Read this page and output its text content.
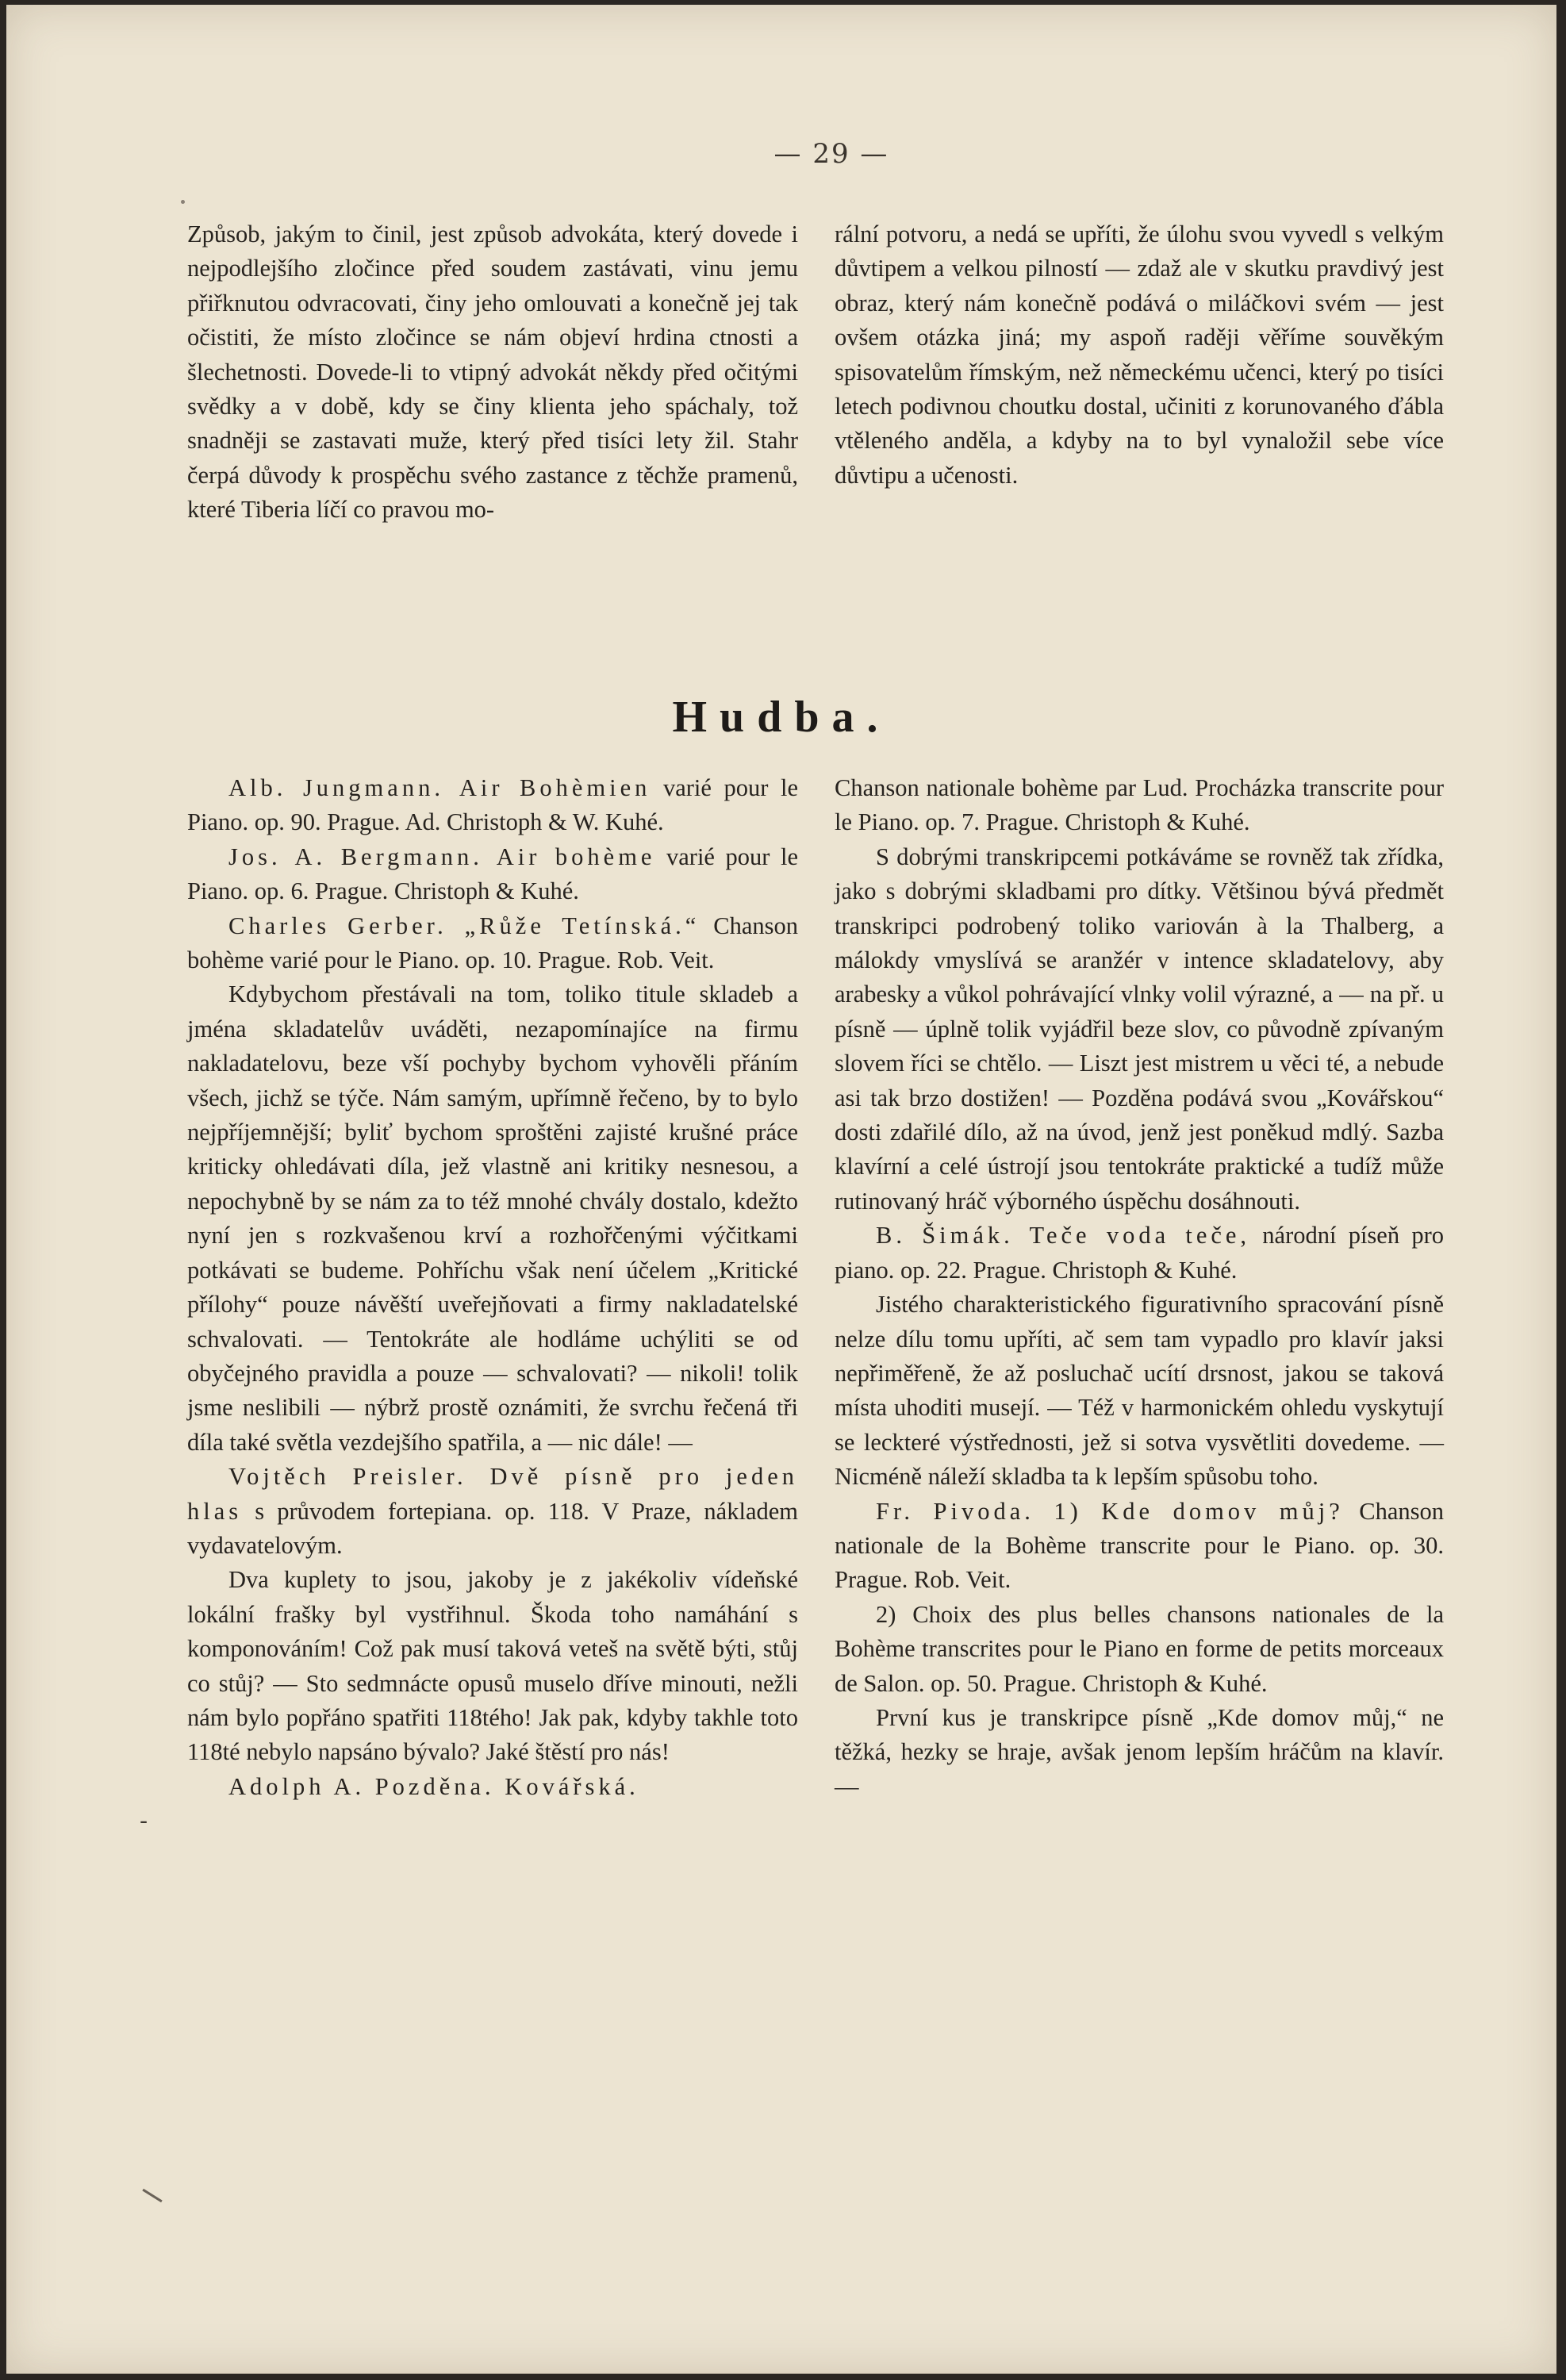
— 29 —

Způsob, jakým to činil, jest způsob advokáta, který dovede i nejpodlejšího zločince před soudem zastávati, vinu jemu přiřknutou odvracovati, činy jeho omlouvati a konečně jej tak očistiti, že místo zločince se nám objeví hrdina ctnosti a šlechetnosti. Dovede-li to vtipný advokát někdy před očitými svědky a v době, kdy se činy klienta jeho spáchaly, tož snadněji se zastavati muže, který před tisíci lety žil. Stahr čerpá důvody k prospěchu svého zastance z těchže pramenů, které Tiberia líčí co pravou mo-

rální potvoru, a nedá se upříti, že úlohu svou vyvedl s velkým důvtipem a velkou pilností — zdaž ale v skutku pravdivý jest obraz, který nám konečně podává o miláčkovi svém — jest ovšem otázka jiná; my aspoň raději věříme souvěkým spisovatelům římským, než německému učenci, který po tisíci letech podivnou choutku dostal, učiniti z korunovaného ďábla vtěleného anděla, a kdyby na to byl vynaložil sebe více důvtipu a učenosti.

Hudba.

Alb. Jungmann. Air Bohèmien varié pour le Piano. op. 90. Prague. Ad. Christoph & W. Kuhé.

Jos. A. Bergmann. Air bohème varié pour le Piano. op. 6. Prague. Christoph & Kuhé.

Charles Gerber. „Růže Tetínská.“ Chanson bohème varié pour le Piano. op. 10. Prague. Rob. Veit.

Kdybychom přestávali na tom, toliko titule skladeb a jména skladatelův uváděti, nezapomínajíce na firmu nakladatelovu, beze vší pochyby bychom vyhověli přáním všech, jichž se týče. Nám samým, upřímně řečeno, by to bylo nejpříjemnější; byliť bychom sproštěni zajisté krušné práce kriticky ohledávati díla, jež vlastně ani kritiky nesnesou, a nepochybně by se nám za to též mnohé chvály dostalo, kdežto nyní jen s rozkvašenou krví a rozhořčenými výčitkami potkávati se budeme. Pohříchu však není účelem „Kritické přílohy“ pouze návěští uveřejňovati a firmy nakladatelské schvalovati. — Tentokráte ale hodláme uchýliti se od obyčejného pravidla a pouze — schvalovati? — nikoli! tolik jsme neslibili — nýbrž prostě oznámiti, že svrchu řečená tři díla také světla vezdejšího spatřila, a — nic dále! —

Vojtěch Preisler. Dvě písně pro jeden hlas s průvodem fortepiana. op. 118. V Praze, nákladem vydavatelovým.

Dva kuplety to jsou, jakoby je z jakékoliv vídeňské lokální frašky byl vystřihnul. Škoda toho namáhání s komponováním! Což pak musí taková veteš na světě býti, stůj co stůj? — Sto sedmnácte opusů muselo dříve minouti, nežli nám bylo popřáno spatřiti 118tého! Jak pak, kdyby takhle toto 118té nebylo napsáno bývalo? Jaké štěstí pro nás!

Adolph A. Pozděna. Kovářská.

Chanson nationale bohème par Lud. Procházka transcrite pour le Piano. op. 7. Prague. Christoph & Kuhé.

S dobrými transkripcemi potkáváme se rovněž tak zřídka, jako s dobrými skladbami pro dítky. Většinou bývá předmět transkripci podrobený toliko variován à la Thalberg, a málokdy vmyslívá se aranžér v intence skladatelovy, aby arabesky a vůkol pohrávající vlnky volil výrazné, a — na př. u písně — úplně tolik vyjádřil beze slov, co původně zpívaným slovem říci se chtělo. — Liszt jest mistrem u věci té, a nebude asi tak brzo dostižen! — Pozděna podává svou „Kovářskou“ dosti zdařilé dílo, až na úvod, jenž jest poněkud mdlý. Sazba klavírní a celé ústrojí jsou tentokráte praktické a tudíž může rutinovaný hráč výborného úspěchu dosáhnouti.

B. Šimák. Teče voda teče, národní píseň pro piano. op. 22. Prague. Christoph & Kuhé.

Jistého charakteristického figurativního spracování písně nelze dílu tomu upříti, ač sem tam vypadlo pro klavír jaksi nepřiměřeně, že až posluchač ucítí drsnost, jakou se taková místa uhoditi musejí. — Též v harmonickém ohledu vyskytují se leckteré výstřednosti, jež si sotva vysvětliti dovedeme. — Nicméně náleží skladba ta k lepším spůsobu toho.

Fr. Pivoda. 1) Kde domov můj? Chanson nationale de la Bohème transcrite pour le Piano. op. 30. Prague. Rob. Veit.

2) Choix des plus belles chansons nationales de la Bohème transcrites pour le Piano en forme de petits morceaux de Salon. op. 50. Prague. Christoph & Kuhé.

První kus je transkripce písně „Kde domov můj,“ ne těžká, hezky se hraje, avšak jenom lepším hráčům na klavír. —

-
